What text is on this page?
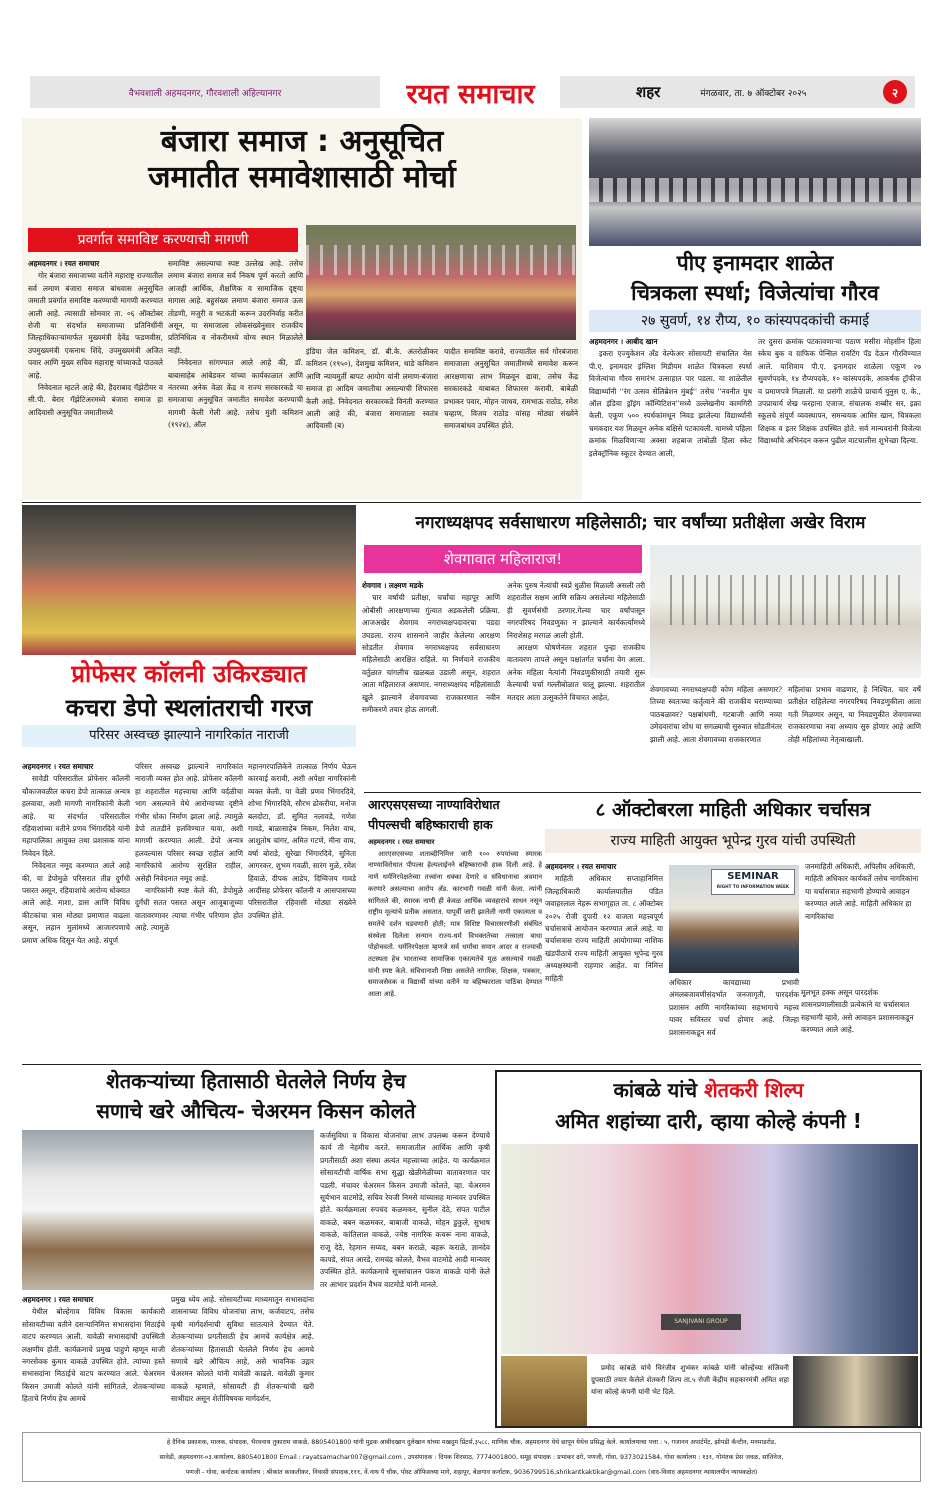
वैभवशाली अहमदनगर, गौरवशाली अहिल्यानगर	रयत समाचार	शहर	मंगळवार, ता. ७ ऑक्टोबर २०२५	२
बंजारा समाज : अनुसूचित
जमातीत समावेशासाठी मोर्चा
प्रवर्गात समाविष्ट करण्याची मागणी
अहमदनगर । रयत समाचार

गोर बंजारा समाजाच्या वतीने महाराष्ट्र राज्यातील सर्व लमाण बंजारा समाज बांधवास अनुसूचित जमाती प्रवर्गात समाविष्ट करण्याची मागणी करण्यात आली आहे. त्यासाठी सोमवार ता. ०६ ऑक्टोबर रोजी या संदर्भात समाजाच्या प्रतिनिधींनी जिल्हाधिकाऱ्यांमार्फत मुख्यमंत्री देवेंद्र फडणवीस, उपमुख्यमंत्री एकनाथ शिंदे, उपमुख्यमंत्री अजित पवार आणि मुख्य सचिव महाराष्ट्र यांच्याकडे पाठवले आहे.

निवेदनात म्हटले आहे की, हैदराबाद गॅझेटीयर व सी.पी. बेरार गॅझेटिअरमध्ये बंजारा समाज हा आदिवासी अनुसूचित जमातीमध्ये

समाविष्ट असल्याचा स्पष्ट उल्लेख आहे. तसेच लमाण बंजारा समाज सर्व निकष पूर्ण करतो आणि आजही आर्थिक, शैक्षणिक व सामाजिक दृष्ट्या मागास आहे. बहुसंख्य लमाण बंजारा समाज ऊस तोडणी, मजुरी व भटकंती करून उदरनिर्वाह करीत असून, या समाजाला लोकसंख्येनुसार राजकीय प्रतिनिधित्व व नोकरीमध्ये योग्य स्थान मिळालेले नाही.

निवेदनात सांगण्यात आले आहे की, डॉ. बाबासाहेब आंबेडकर यांच्या कार्यकाळात आणि नंतरच्या अनेक वेळा केंद्र व राज्य सरकारकडे या समाजाचा अनुसूचित जमातीत समावेश करण्याची मागणी केली गेली आहे. तसेच मुंशी कमिशन (१९२४), ऑल

इंडिया जेल कमिशन, डॉ. बी.के. अंतरोळीकर कमिशन (१९५०), देशमुख कमिशन, थाडे कमिशन आणि न्यायमुर्ती बापट आयोग यांनी लमाण-बंजारा समाज हा आदिम जमातीचा असल्याची शिफारस केली आहे. निवेदनात सरकारकडे विनंती करण्यात आली आहे की, बंजारा समाजाला स्वतंत्र आदिवासी (ब)

यादीत समाविष्ट करावे, राज्यातील सर्व गोरबंजारा समाजाला अनुसूचित जमातीमध्ये समावेश करून आरक्षणाचा लाभ मिळवून द्यावा, तसेच केंद्र सरकारकडे याबाबत शिफारस करावी. बाबेळी प्रभाकर पवार, मोहन जाधव, रामभाऊ राठोड, रमेश चव्हाण, विजय राठोड यांसह मोठ्या संख्येने समाजबांधव उपस्थित होते.

पीए इनामदार शाळेत
चित्रकला स्पर्धा; विजेत्यांचा गौरव
२७ सुवर्ण, १४ रौप्य, १० कांस्यपदकांची कमाई
अहमदनगर । आबीद खान

इकरा एज्युकेशन अँड वेल्फेअर सोसायटी संचालित येस पी.ए. इनामदार इंग्लिश मिडीयम शाळेत चित्रकला स्पर्धा विजेत्यांचा गौरव समारंभ उत्साहात पार पडला. या शाळेतील विद्यार्थ्यांनी ''रंग उत्सव सेलिब्रेशन मुंबई'' तसेच ''नवनीत युथ ऑल इंडिया ड्रॉइंग कॉम्पिटिशन''मध्ये उल्लेखनीय कामगिरी केली. एकूण ५०० स्पर्धकांमधून निवड झालेल्या विद्यार्थ्यांनी चमकदार यश मिळवून अनेक बक्षिसे पटकावली. यामध्ये पहिला क्रमांक मिळविणाऱ्या अक्सा शहबाज तांबोळी हिला स्केट इलेक्ट्रॉनिक स्कूटर देण्यात आली,

तर दुसरा क्रमांक पटकावणाऱ्या पठाण मसीरा मोहसीन हिला स्केच बुक व ग्राफिक पेन्सिल रायटिंग पॅड देऊन गौरविण्यात आले. याशिवाय पी.ए. इनामदार शाळेला एकूण २७ सुवर्णपदके, १४ रौप्यपदके, १० कांस्यपदके, आकर्षक ट्रॉफीज व प्रमाणपत्रे मिळाली. या प्रसंगी शाळेचे प्राचार्य युनुस ए. के., उपप्राचार्य शेख फरहाना एजाज, संचालक शब्बीर सर, इक्रा स्कूलचे संपूर्ण व्यवस्थापन, समन्वयक आमिर खान, चित्रकला शिक्षक व इतर शिक्षक उपस्थित होते. सर्व मान्यवरांनी विजेत्या विद्यार्थ्यांचे अभिनंदन करून पुढील वाटचालीस शुभेच्छा दिल्या.

नगराध्यक्षपद सर्वसाधारण महिलेसाठी; चार वर्षांच्या प्रतीक्षेला अखेर विराम
शेवगावात महिलाराज!
शेवगाव । लक्ष्मण मडके

चार वर्षांची प्रतीक्षा, चर्चांचा महापूर आणि ओबीसी आरक्षणाच्या गुंत्यात अडकलेली प्रक्रिया. आजअखेर शेवगाव नगराध्यक्षपदावरचा पडदा उघडला. राज्य शासनाने जाहीर केलेल्या आरक्षण सोडतीत शेवगाव नगराध्यक्षपद सर्वसाधारण महिलेसाठी आरक्षित राहिले. या निर्णयाने राजकीय वर्तुळात चांगलीच खळबळ उडाली असून, शहरात आता महिलाराज असणार. नगराध्यक्षपद महिलांसाठी खुले झाल्याने शेवगावच्या राजकारणात नवीन समीकरणे तयार होऊ लागली.

अनेक पुरुष नेत्यांची स्वप्ने धुळीस मिळाली असली तरी शहरातील सक्षम आणि सक्रिय असलेल्या महिलेसाठी ही सुवर्णसंधी ठरणार.गेल्या चार वर्षांपासून नगरपरिषद निवडणुका न झाल्याने कार्यकर्त्यांमध्ये निराशेसह मरगळ आली होती.

आरक्षण घोषणेनंतर शहरात पुन्हा राजकीय वातावरण तापले असून पक्षांतर्गत चर्चांना वेग आला. अनेक महिला नेत्यांनी निवडणुकीसाठी तयारी सुरू केल्याची चर्चा गल्लीबोळात चालू झाल्या. शहरातील मतदार आता उत्सुकतेने विचारत आहेत,

शेवगावच्या नगराध्यक्षपदी कोण महिला असणार? तिच्या स्वतःच्या कर्तृत्वाने की राजकीय घराण्याच्या पाठबळावर? पक्षबांधणी, गटबाजी आणि नव्या उमेदवारांचा शोध या सगळ्याची सुरुवात सोडतीनंतर झाली आहे. आता शेवगावच्या राजकारणात

महिलांचा प्रभाव वाढणार, हे निश्चित. चार वर्षे प्रतीक्षेत राहिलेल्या नगरपरिषद निवडणुकीला आता गती मिळणार असून, या निवडणुकीत शेवगावच्या राजकारणाचा नवा अध्याय सुरु होणार आहे आणि तोही महिलांच्या नेतृत्वाखाली.

प्रोफेसर कॉलनी उकिरड्यात
कचरा डेपो स्थलांतराची गरज
परिसर अस्वच्छ झाल्याने नागरिकांत नाराजी
अहमदनगर । रयत समाचार

सावेडी परिसरातील प्रोफेसर कॉलनी चौकाजवळील कचरा डेपो तात्काळ अन्यत्र हलवावा, अशी मागणी नागरिकांनी केली आहे. या संदर्भात परिसरातील रहिवाशांच्या वतीने प्रणव भिंगारदिवे यांनी महापालिका आयुक्त तथा प्रशासक यांना निवेदन दिले.

निवेदनात नमूद करण्यात आले आहे की, या डेपोमुळे परिसरात तीव्र दुर्गंधी पसरत असून, रहिवाशांचे आरोग्य धोक्यात आले आहे. माशा, डास आणि विविध कीटकांचा त्रास मोठ्या प्रमाणात वाढला असून, लहान मुलांमध्ये आजारपणाचे प्रमाण अधिक दिसून येत आहे. संपूर्ण

परिसर अस्वच्छ झाल्याने नागरिकांत नाराजी व्यक्त होत आहे. प्रोफेसर कॉलनी हा शहरातील महत्त्वाचा आणि वर्दळीचा भाग असल्याने येथे आरोग्याच्या दृष्टीने गंभीर धोका निर्माण झाला आहे. त्यामुळे डेपो तातडीने हलविण्यात यावा, अशी मागणी करण्यात आली. डेपो अन्यत्र हलवल्यास परिसर स्वच्छ राहील आणि नागरिकांचे आरोग्य सुरक्षित राहील, असेही निवेदनात नमूद आहे.

नागरिकांनी स्पष्ट केले की, डेपोमुळे दुर्गंधी सतत पसरत असून आजूबाजूच्या वातावरणावर त्याचा गंभीर परिणाम होत आहे. त्यामुळे

महानगरपालिकेने तात्काळ निर्णय घेऊन कारवाई करावी, अशी अपेक्षा नागरिकांनी व्यक्त केली. या वेळी प्रणव भिंगारदिवे, शोभा भिंगारदिवे, सौरभ ढोकरीया, मनोज बलदोटा, डॉ. सुमित नलावडे, गणेश गावडे, बाळासाहेब निकम, निलेश वाघ, आशुतोष चांगर, अमित गटणे, मीना वाघ, वर्षा बोराडे, सुरेखा भिंगारदिवे, सुनिता आगरकर, शुभम गवळी, सारंग मुळे, रमेश हिवाळे, दीपक आडेप, दिग्विजय गावडे आदींसह प्रोफेसर कॉलनी व आसपासच्या परिसरातील रहिवासी मोठ्या संख्येने उपस्थित होते.

आरएसएसच्या नाण्याविरोधात
पीपल्सची बहिष्काराची हाक
अहमदनगर । रयत समाचार

आरएसएसच्या शताब्दीनिमित्त जारी १०० रुपयांच्या स्मारक नाण्याविरोधात पीपल्स हेल्पलाईनने बहिष्काराची हाक दिली आहे. हे नाणे धर्मनिरपेक्षतेच्या तत्त्वांना धक्का देणारे व संविधानाचा अवमान करणारे असल्याचा आरोप अ‍ॅड. कारभारी गवळी यांनी केला. त्यांनी सांगितले की, स्मारक नाणी ही केवळ आर्थिक व्यवहाराचे साधन नसून राष्ट्रीय मूल्यांचे प्रतीक असतात. यापूर्वी जारी झालेली नाणी एकात्मता व समतेचे दर्शन घडवणारी होती; मात्र विशिष्ट विचारसरणीशी संबंधित संस्थेला दिलेला सन्मान राज्य-धर्म विभक्ततेच्या तत्त्वाला बाधा पोहोचवतो. धर्मनिरपेक्षता म्हणजे सर्व धर्मांचा समान आदर व राज्याची तटस्थता हेच भारताच्या सामाजिक एकात्मतेचे मूळ असल्याचे गवळी यांनी स्पष्ट केले. संविधानाशी निष्ठा असलेले नागरिक, शिक्षक, पत्रकार, समाजसेवक व विद्यार्थी यांच्या वतीने या बहिष्काराला पाठिंबा देण्यात आला आहे.

८ ऑक्टोबरला माहिती अधिकार चर्चासत्र
राज्य माहिती आयुक्त भूपेन्द्र गुरव यांची उपस्थिती
अहमदनगर । रयत समाचार

माहिती अधिकार सप्ताहानिमित्त जिल्हाधिकारी कार्यालयातील पंडित जवाहरलाल नेहरू सभागृहात ता. ८ ऑक्टोबर २०२५ रोजी दुपारी १२ वाजता महत्त्वपूर्ण चर्चासत्राचे आयोजन करण्यात आले आहे. या चर्चासत्रास राज्य माहिती आयोगाच्या नाशिक खंडपीठाचे राज्य माहिती आयुक्त भूपेन्द्र गुरव अध्यक्षस्थानी राहणार आहेत. या निमित्त माहिती

SEMINAR
RIGHT TO INFORMATION WEEK

अधिकार कायद्याच्या प्रभावी अंमलबजावणीसंदर्भात जनजागृती, पारदर्शक प्रशासन आणि नागरिकांच्या सहभागाचे महत्त्व यावर सविस्तर चर्चा होणार आहे. जिल्हा प्रशासनाकडून सर्व

जनमाहिती अधिकारी, अपिलीय अधिकारी, माहिती अधिकार कार्यकर्ते तसेच नागरिकांना या चर्चासत्रात सहभागी होण्याचे आवाहन करण्यात आले आहे. माहिती अधिकार हा नागरिकांचा

मूलभूत हक्क असून पारदर्शक शासनप्रणालीसाठी प्रत्येकाने या चर्चासत्रात सहभागी व्हावे, असे आवाहन प्रशासनाकडून करण्यात आले आहे.

शेतकऱ्यांच्या हितासाठी घेतलेले निर्णय हेच
सणाचे खरे औचित्य- चेअरमन किसन कोलते

कर्जसुविधा व विकास योजनांचा लाभ उपलब्ध करून देण्याचे कार्य ती नेहमीच करते. समाजातील आर्थिक आणि कृषी प्रगतीसाठी अशा संस्था अत्यंत महत्त्वाच्या आहेत. या कार्यक्रमात सोसायटीची वार्षिक सभा सुद्धा खेळीमेळीच्या वातावरणात पार पडली. मंचावर चेअरमन किसन उमाजी कोलते, व्हा. चेअरमन सूर्यभान वाटमोडे, सचिव रेवजी निमसे यांच्यासह मान्यवर उपस्थित होते. कार्यक्रमाला रुपचंद कळमकर, सुनील देठे, संपत पाटील वाकळे, बबन कळमकर, बाबाजी वाकळे, मोहन डुकुले, सुभाष वाकळे, कांतिलाल वाकळे, ज्येष्ठ नागरिक कचरू नाना वाकळे, राजू देठे, रेहमान सय्यद, बबन कराळे, बहरू कराळे, ज्ञानदेव कापडे, संपत आरडे, रामचंद्र कोलते, वैभव वाटमोडे आदी मान्यवर उपस्थित होते. कार्यक्रमाचे सूत्रसंचालन पंकज वाकळे यांनी केले तर आभार प्रदर्शन वैभव वाटमोडे यांनी मानले.

अहमदनगर । रयत समाचार

येथील बोल्हेगाव विविध विकास कार्यकारी सोसायटीच्या वतीने दसऱ्यानिमित्त सभासदांना मिठाईचे वाटप करण्यात आली. यावेळी सभासदांची उपस्थिती लक्षणीय होती. कार्यक्रमाचे प्रमुख पाहुणे म्हणून माजी नगरसेवक कुमार वाकळे उपस्थित होते. त्यांच्या हस्ते सभासदांना मिठाईचे वाटप करण्यात आले. चेअरमन किसन उमाजी कोलते यांनी सांगितले, शेतकऱ्यांच्या हिताचे निर्णय हेच आमचे

प्रमुख ध्येय आहे. सोसायटीच्या माध्यमातून सभासदांना शासनाच्या विविध योजनांचा लाभ, कर्जवाटप, तसेच कृषी मार्गदर्शनाची सुविधा सातत्याने देण्यात येते. शेतकऱ्यांच्या प्रगतीसाठी हेच आमचे कार्यक्षेत्र आहे. शेतकऱ्यांच्या हितासाठी घेतलेले निर्णय हेच आमचे सणाचे खरे औचित्य आहे, असे भावनिक उद्गार चेअरमन कोलते यांनी यावेळी काढले. यावेळी कुमार वाकळे म्हणाले, सोसायटी ही शेतकऱ्यांची खरी साथीदार असून शेतीविषयक मार्गदर्शन,

कांबळे यांचे शेतकरी शिल्प
अमित शहांच्या दारी, व्हाया कोल्हे कंपनी !
SANJIVANI GROUP

प्रमोद कांबळे यांचे चिरंजीव शुभंकर कांबळे यांनी कोल्हेंच्या संजिवनी ग्रुपसाठी तयार केलेले शेतकरी शिल्प ता.५ रोजी केंद्रीय सहकारमंत्री अमित शहा यांना कोल्हे कंपनी यांनी भेट दिले.

हे दैनिक प्रकाशक, मालक, संपादक, भैरवनाथ तुकाराम वाकळे, 8805401800 यांनी मुद्रक आबीदखान दुलेखान यांच्या मखदुम प्रिंटर्स,३५८८, माणिक चौक, अहमदनगर येथे छापून येथेच प्रसिद्ध केले. कार्यालयाचा पत्ता : ५, गजानन अपार्टमेंट, झोपडी कॅन्टीन, मनमाडरोड,
सावेडी, अहमदनगर-०३.कार्यालय, 8805401800 Email : rayatsamachar007@gmail.com , उपसंपादक : दिपक शिरसाठ, 7774001800, समूह संपादक : प्रभाकर ढगे, पणजी, गोवा, 9373021584, गोवा कार्यालय : १३१, गोमंतक प्रेस जवळ, सांतिनेज,
पणजी - गोवा, कर्नाटक कार्यालय : श्रीकांत काकतीकर, निवासी संपादक,१११, वें.नाथ पै चौक, पोस्ट ऑफिसच्या मागे, शहापूर, बेळगाव कर्नाटक, 9036799516,shrikantkaktikar@gmail.com (वाद-विवाद अहमदनगर न्यायालयीन न्यायकक्षेत)
